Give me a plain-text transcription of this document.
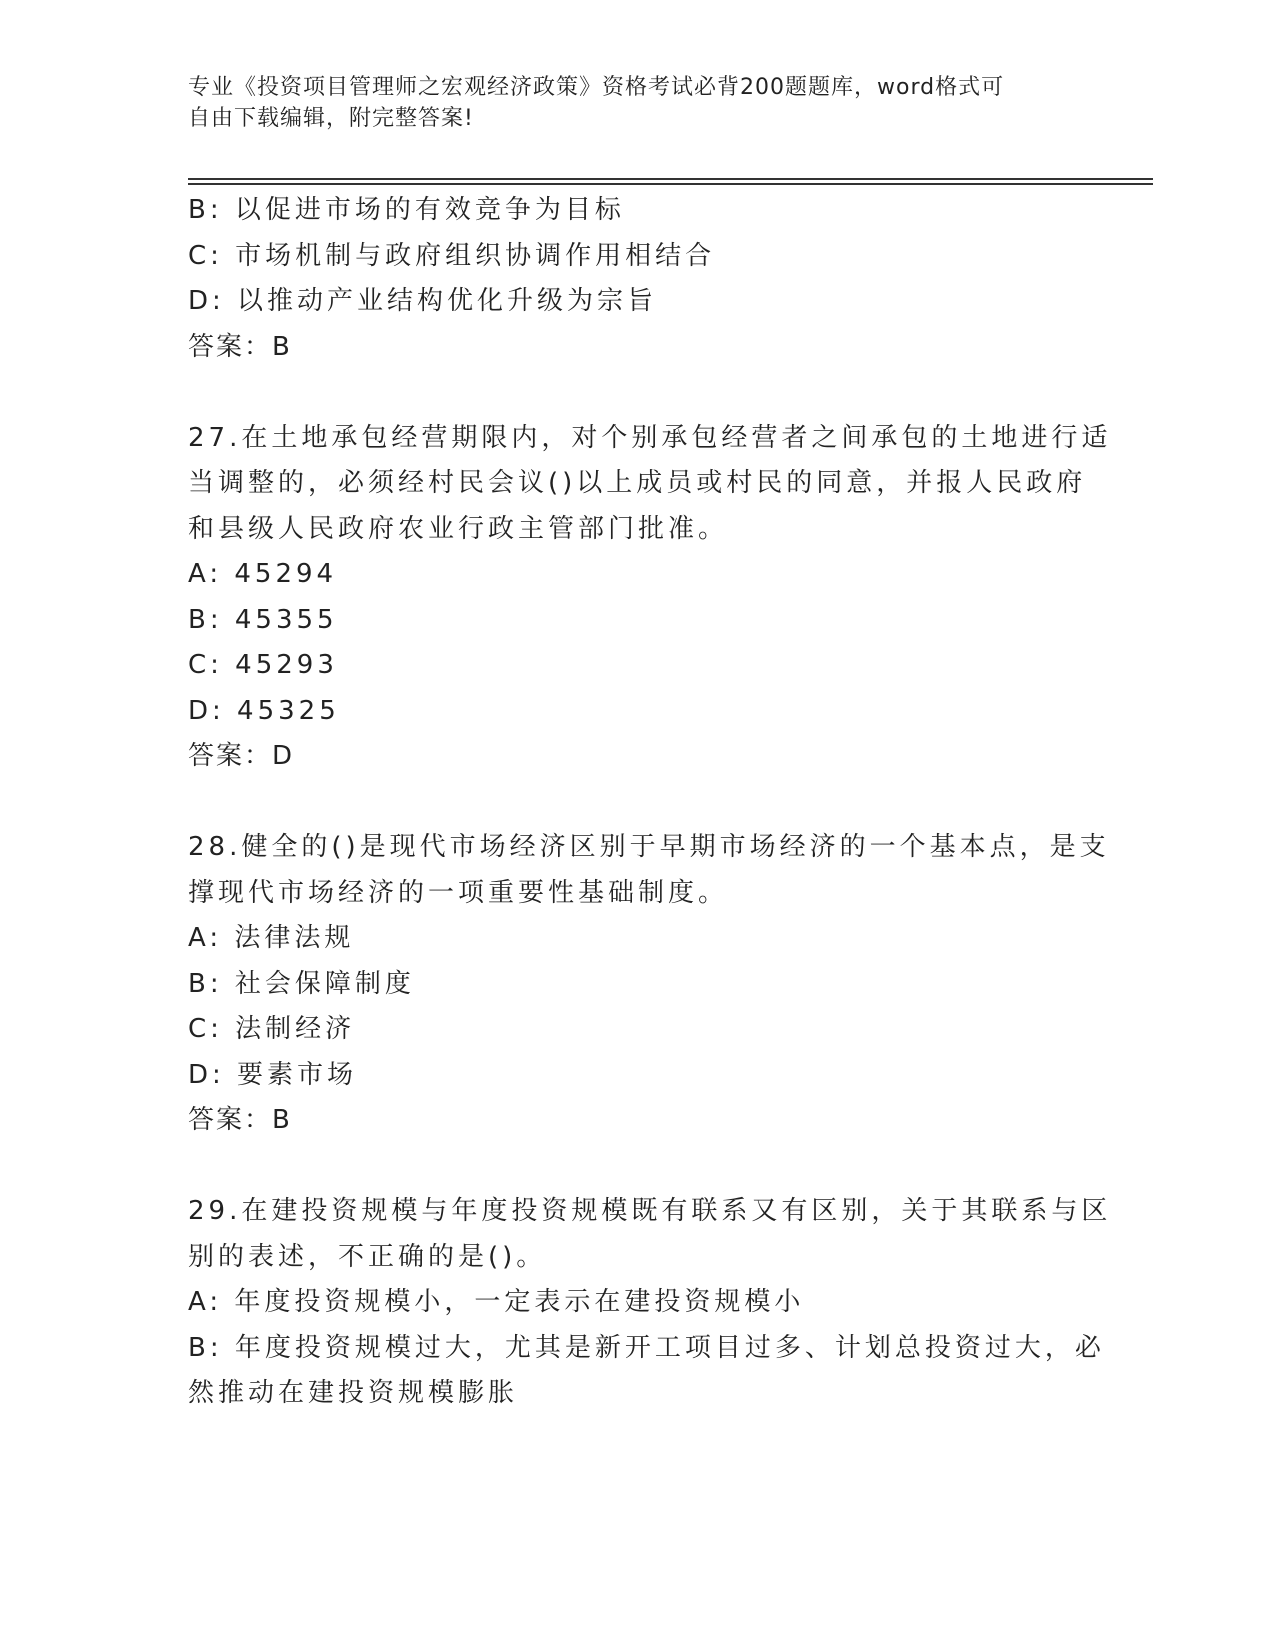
专业《投资项目管理师之宏观经济政策》资格考试必背200题题库，word格式可
自由下载编辑，附完整答案!
B: 以促进市场的有效竞争为目标
C: 市场机制与政府组织协调作用相结合
D: 以推动产业结构优化升级为宗旨
答案：B
27.在土地承包经营期限内，对个别承包经营者之间承包的土地进行适
当调整的，必须经村民会议()以上成员或村民的同意，并报人民政府
和县级人民政府农业行政主管部门批准。
A: 45294
B: 45355
C: 45293
D: 45325
答案：D
28.健全的()是现代市场经济区别于早期市场经济的一个基本点，是支
撑现代市场经济的一项重要性基础制度。
A: 法律法规
B: 社会保障制度
C: 法制经济
D: 要素市场
答案：B
29.在建投资规模与年度投资规模既有联系又有区别，关于其联系与区
别的表述，不正确的是()。
A: 年度投资规模小，一定表示在建投资规模小
B: 年度投资规模过大，尤其是新开工项目过多、计划总投资过大，必
然推动在建投资规模膨胀
